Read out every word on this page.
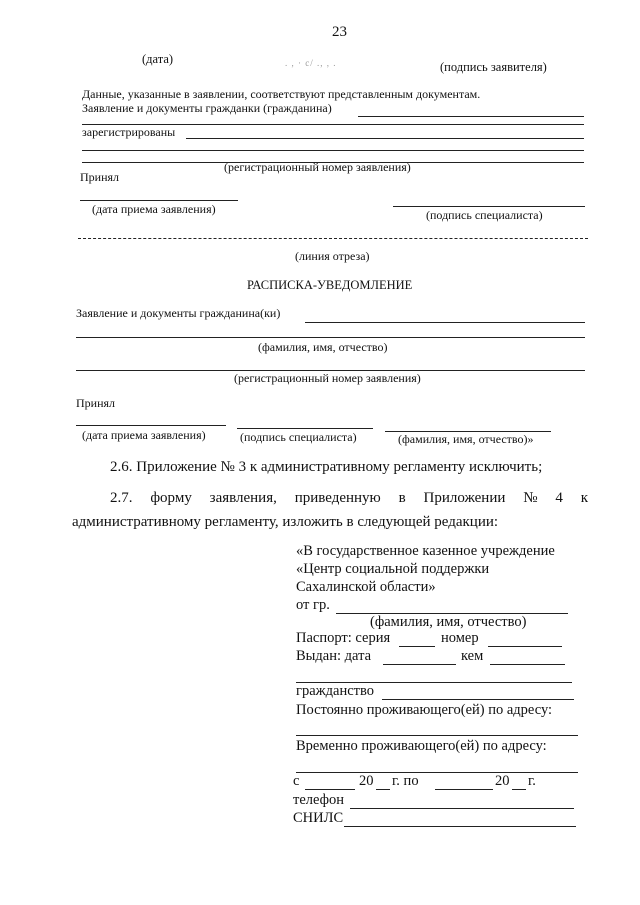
23
(дата)	. , · с/ ., , .	(подпись заявителя)
Данные, указанные в заявлении, соответствуют представленным документам.
Заявление и документы гражданки (гражданина)
зарегистрированы
(регистрационный номер заявления)
Принял
(дата приема заявления)	(подпись специалиста)
(линия отреза)
РАСПИСКА-УВЕДОМЛЕНИЕ
Заявление и документы гражданина(ки)
(фамилия, имя, отчество)
(регистрационный номер заявления)
Принял
(дата приема заявления)	(подпись специалиста)	(фамилия, имя, отчество)»
2.6. Приложение № 3 к административному регламенту исключить;
2.7. форму заявления, приведенную в Приложении № 4 к
административному регламенту, изложить в следующей редакции:
«В государственное казенное учреждение
«Центр социальной поддержки
Сахалинской области»
от гр.
(фамилия, имя, отчество)
Паспорт: серия	номер
Выдан: дата	кем
гражданство
Постоянно проживающего(ей) по адресу:
Временно проживающего(ей) по адресу:
с	20 г. по	20 г.
телефон
СНИЛС
